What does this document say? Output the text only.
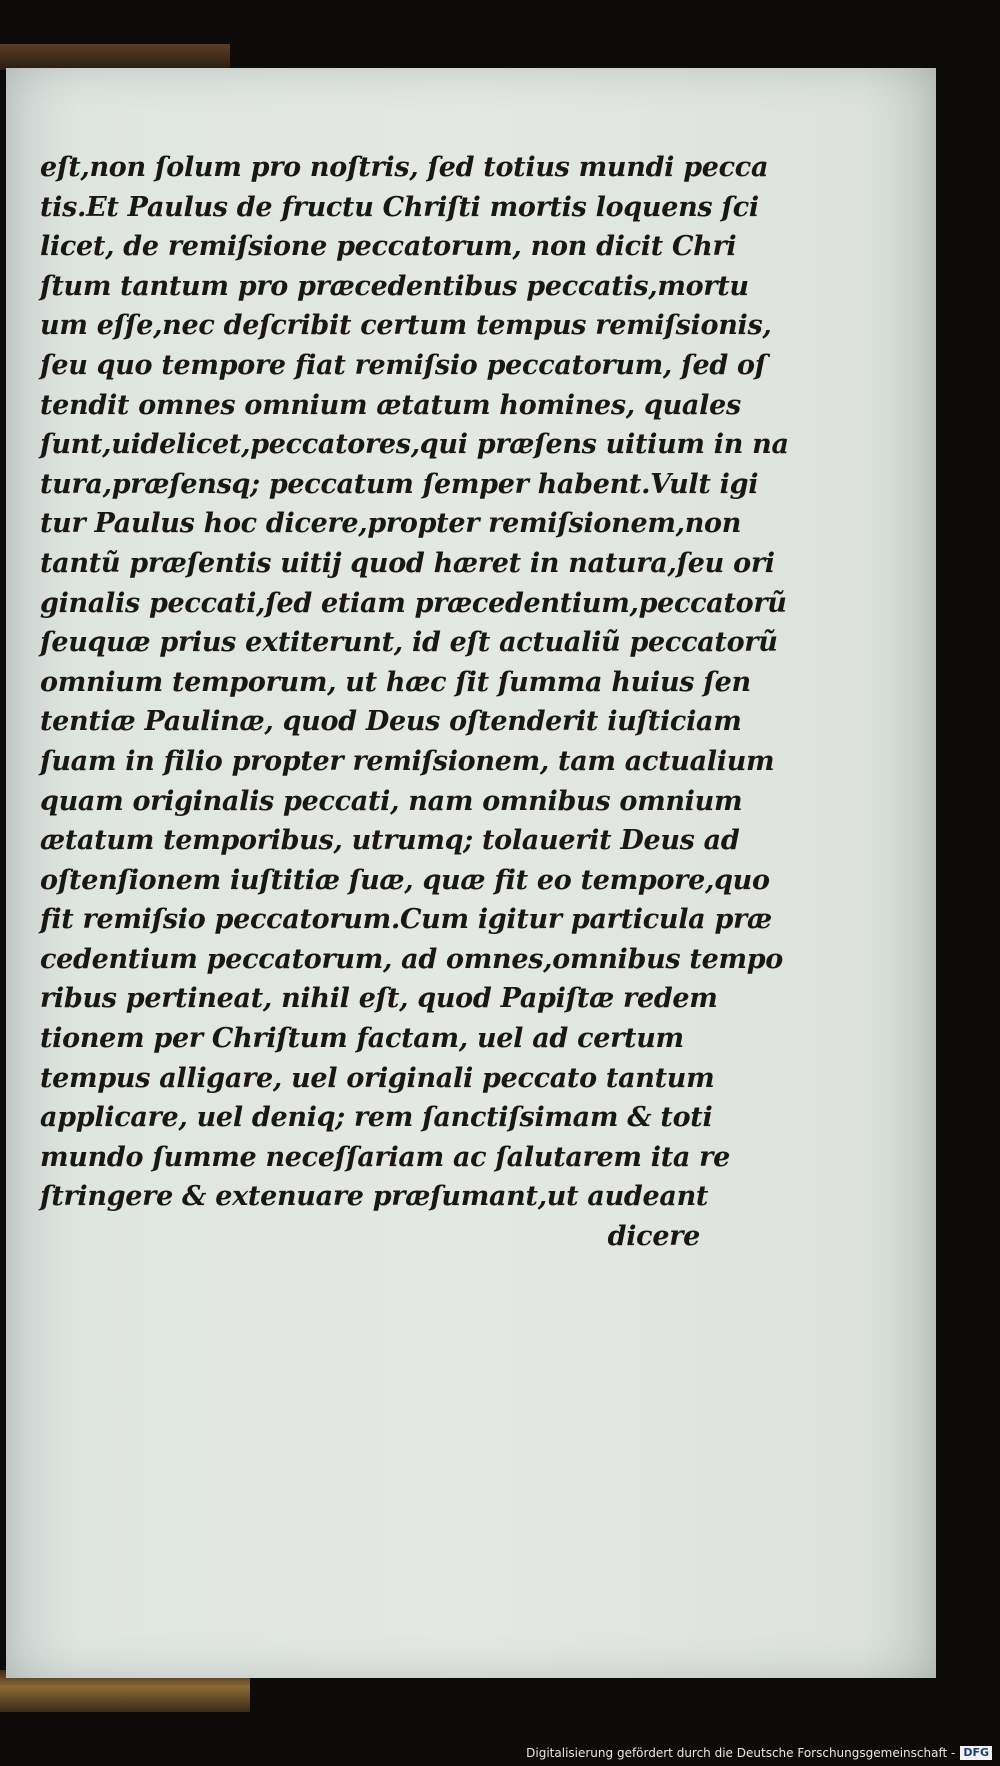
eſt,non ſolum pro noſtris, ſed totius mundi pecca
tis.Et Paulus de fructu Chriſti mortis loquens ſci
licet, de remiſsione peccatorum, non dicit Chri
ſtum tantum pro præcedentibus peccatis,mortu
um eſſe,nec deſcribit certum tempus remiſsionis,
ſeu quo tempore fiat remiſsio peccatorum, ſed oſ
tendit omnes omnium ætatum homines, quales
ſunt,uidelicet,peccatores,qui præſens uitium in na
tura,præſensq; peccatum ſemper habent.Vult igi
tur Paulus hoc dicere,propter remiſsionem,non
tantũ præſentis uitij quod hæret in natura,ſeu ori
ginalis peccati,ſed etiam præcedentium,peccatorũ
ſeuquæ prius extiterunt, id eſt actualiũ peccatorũ
omnium temporum, ut hæc ſit ſumma huius ſen
tentiæ Paulinæ, quod Deus oſtenderit iuſticiam
ſuam in filio propter remiſsionem, tam actualium
quam originalis peccati, nam omnibus omnium
ætatum temporibus, utrumq; tolauerit Deus ad
oſtenſionem iuſtitiæ ſuæ, quæ fit eo tempore,quo
fit remiſsio peccatorum.Cum igitur particula præ
cedentium peccatorum, ad omnes,omnibus tempo
ribus pertineat, nihil eſt, quod Papiſtæ redem
tionem per Chriſtum factam, uel ad certum
tempus alligare, uel originali peccato tantum
applicare, uel deniq; rem ſanctiſsimam & toti
mundo ſumme neceſſariam ac ſalutarem ita re
ſtringere & extenuare præſumant,ut audeant
dicere
Digitalisierung gefördert durch die Deutsche Forschungsgemeinschaft - DFG
